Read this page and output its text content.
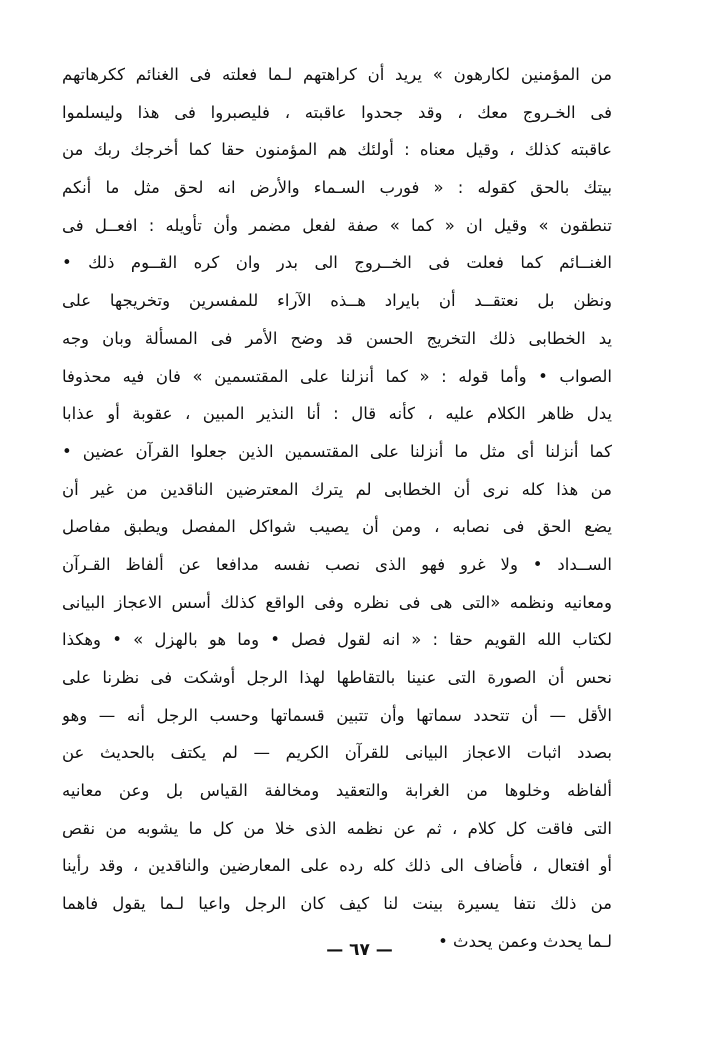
من المؤمنين لكارهون » يريد أن كراهتهم لـما فعلته فى الغنائم ككرهاتهم
فى الخـروج معك ، وقد جحدوا عاقبته ، فليصبروا فى هذا وليسلموا
عاقبته كذلك ، وقيل معناه : أولئك هم المؤمنون حقا كما أخرجك ربك من
بيتك بالحق كقوله : « فورب السـماء والأرض انه لحق مثل ما أنكم
تنطقون » وقيل ان « كما » صفة لفعل مضمر وأن تأويله : افعــل فى
الغنــائم كما فعلت فى الخــروج الى بدر وان كره القــوم ذلك •
ونظن بل نعتقــد أن بايراد هــذه الآراء للمفسرين وتخريجها على
يد الخطابى ذلك التخريج الحسن قد وضح الأمر فى المسألة وبان وجه
الصواب • وأما قوله : « كما أنزلنا على المقتسمين » فان فيه محذوفا
يدل ظاهر الكلام عليه ، كأنه قال : أنا النذير المبين ، عقوبة أو عذابا
كما أنزلنا أى مثل ما أنزلنا على المقتسمين الذين جعلوا القرآن عضين •
من هذا كله نرى أن الخطابى لم يترك المعترضين الناقدين من غير أن
يضع الحق فى نصابه ، ومن أن يصيب شواكل المفصل ويطبق مفاصل
الســداد • ولا غرو فهو الذى نصب نفسه مدافعا عن ألفاظ القـرآن
ومعانيه ونظمه «التى هى فى نظره وفى الواقع كذلك أسس الاعجاز البيانى
لكتاب الله القويم حقا : « انه لقول فصل • وما هو بالهزل » • وهكذا
نحس أن الصورة التى عنينا بالتقاطها لهذا الرجل أوشكت فى نظرنا على
الأقل — أن تتحدد سماتها وأن تتبين قسماتها وحسب الرجل أنه — وهو
بصدد اثبات الاعجاز البيانى للقرآن الكريم — لم يكتف بالحديث عن
ألفاظه وخلوها من الغرابة والتعقيد ومخالفة القياس بل وعن معانيه
التى فاقت كل كلام ، ثم عن نظمه الذى خلا من كل ما يشوبه من نقص
أو افتعال ، فأضاف الى ذلك كله رده على المعارضين والناقدين ، وقد رأينا
من ذلك نتفا يسيرة بينت لنا كيف كان الرجل واعيا لـما يقول فاهما
لـما يحدث وعمن يحدث •
— ٦٧ —
